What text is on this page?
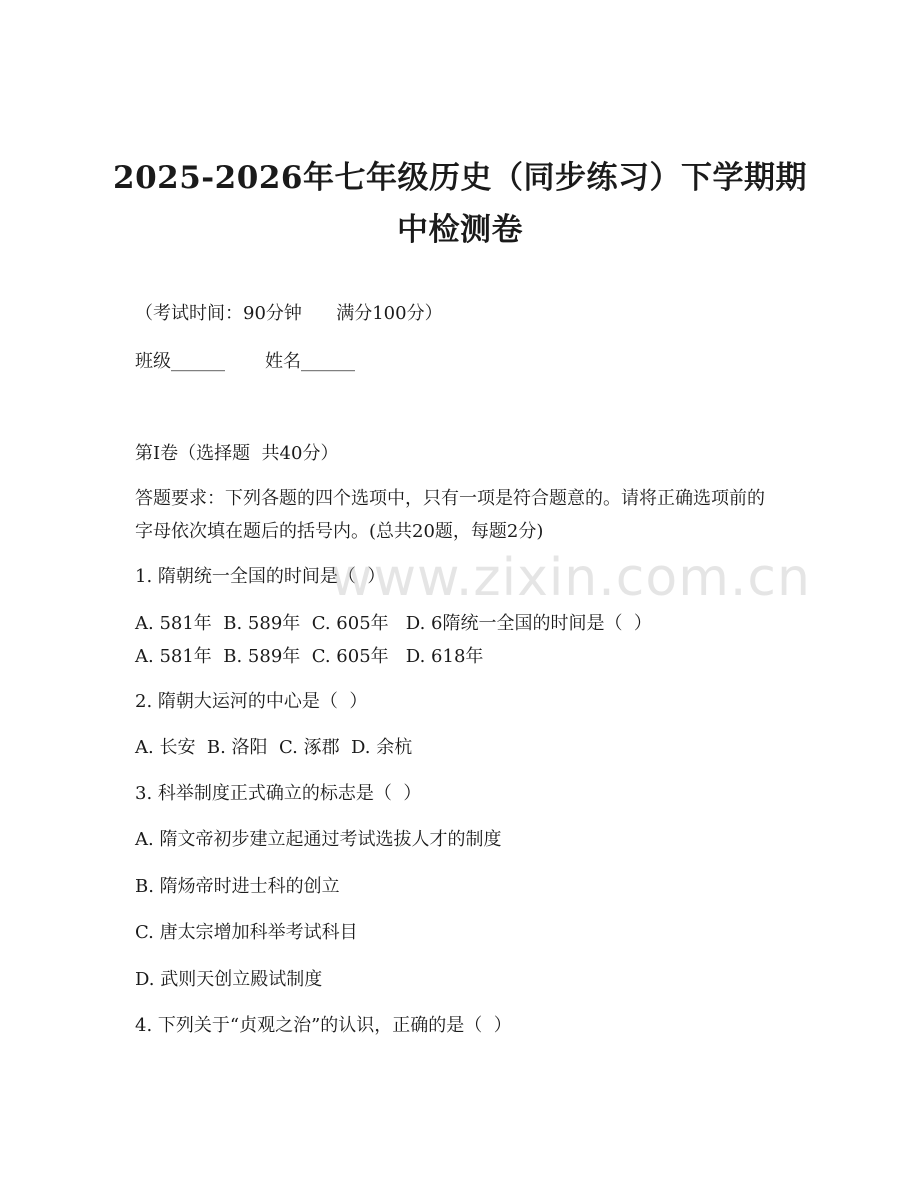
2025-2026年七年级历史（同步练习）下学期期中检测卷
（考试时间：90分钟      满分100分）
班级______       姓名______
第Ⅰ卷（选择题  共40分）
答题要求：下列各题的四个选项中，只有一项是符合题意的。请将正确选项前的字母依次填在题后的括号内。(总共20题，每题2分)
1. 隋朝统一全国的时间是（  ）
A. 581年  B. 589年  C. 605年   D. 6隋统一全国的时间是（  ）
A. 581年  B. 589年  C. 605年   D. 618年
2. 隋朝大运河的中心是（  ）
A. 长安  B. 洛阳  C. 涿郡  D. 余杭
3. 科举制度正式确立的标志是（  ）
A. 隋文帝初步建立起通过考试选拔人才的制度
B. 隋炀帝时进士科的创立
C. 唐太宗增加科举考试科目
D. 武则天创立殿试制度
4. 下列关于“贞观之治”的认识，正确的是（  ）
www.zixin.com.cn
